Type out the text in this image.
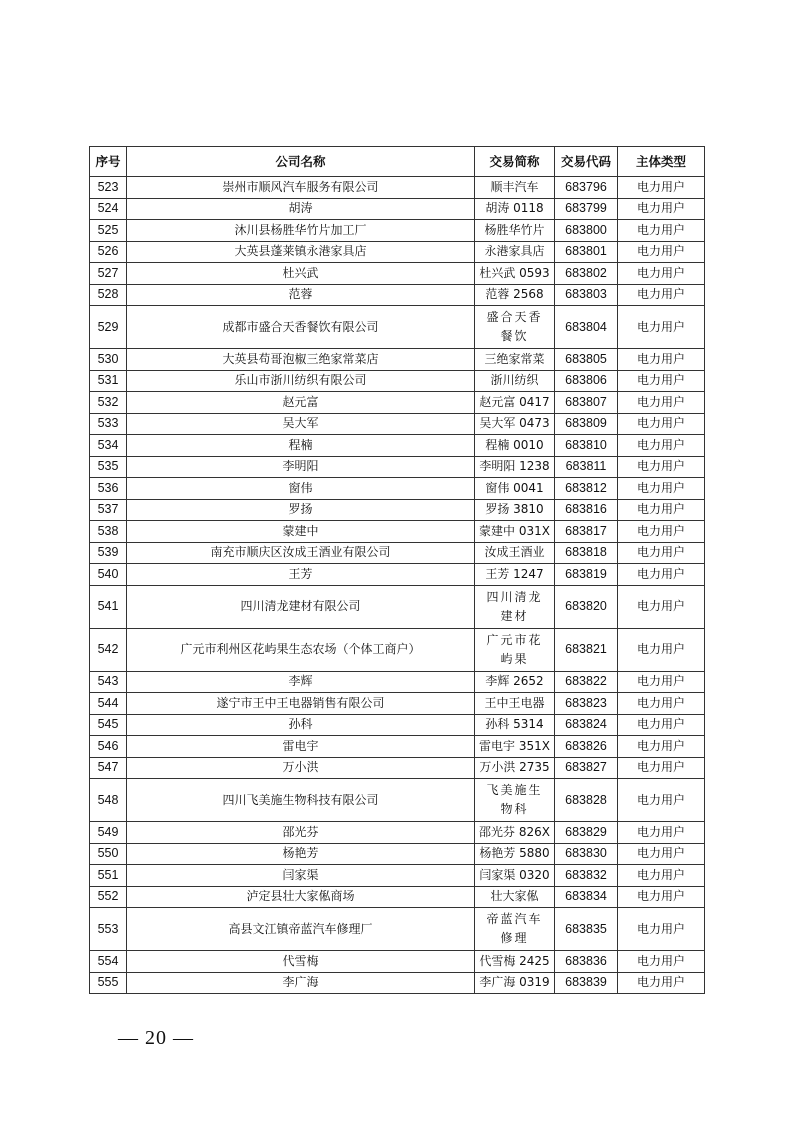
序号	公司名称	交易简称	交易代码	主体类型
523	崇州市顺风汽车服务有限公司	顺丰汽车	683796	电力用户
524	胡涛	胡涛 0118	683799	电力用户
525	沐川县杨胜华竹片加工厂	杨胜华竹片	683800	电力用户
526	大英县蓬莱镇永港家具店	永港家具店	683801	电力用户
527	杜兴武	杜兴武 0593	683802	电力用户
528	范蓉	范蓉 2568	683803	电力用户
529	成都市盛合天香餐饮有限公司	盛合天香餐饮	683804	电力用户
530	大英县苟哥泡椒三绝家常菜店	三绝家常菜	683805	电力用户
531	乐山市浙川纺织有限公司	浙川纺织	683806	电力用户
532	赵元富	赵元富 0417	683807	电力用户
533	吴大军	吴大军 0473	683809	电力用户
534	程楠	程楠 0010	683810	电力用户
535	李明阳	李明阳 1238	683811	电力用户
536	窗伟	窗伟 0041	683812	电力用户
537	罗扬	罗扬 3810	683816	电力用户
538	蒙建中	蒙建中 031X	683817	电力用户
539	南充市顺庆区汝成王酒业有限公司	汝成王酒业	683818	电力用户
540	王芳	王芳 1247	683819	电力用户
541	四川清龙建材有限公司	四川清龙建材	683820	电力用户
542	广元市利州区花屿果生态农场（个体工商户）	广元市花屿果	683821	电力用户
543	李辉	李辉 2652	683822	电力用户
544	遂宁市王中王电器销售有限公司	王中王电器	683823	电力用户
545	孙科	孙科 5314	683824	电力用户
546	雷电宇	雷电宇 351X	683826	电力用户
547	万小洪	万小洪 2735	683827	电力用户
548	四川飞美施生物科技有限公司	飞美施生物科	683828	电力用户
549	邵光芬	邵光芬 826X	683829	电力用户
550	杨艳芳	杨艳芳 5880	683830	电力用户
551	闫家渠	闫家渠 0320	683832	电力用户
552	泸定县壮大家俬商场	壮大家俬	683834	电力用户
553	高县文江镇帝蓝汽车修理厂	帝蓝汽车修理	683835	电力用户
554	代雪梅	代雪梅 2425	683836	电力用户
555	李广海	李广海 0319	683839	电力用户
— 20 —
